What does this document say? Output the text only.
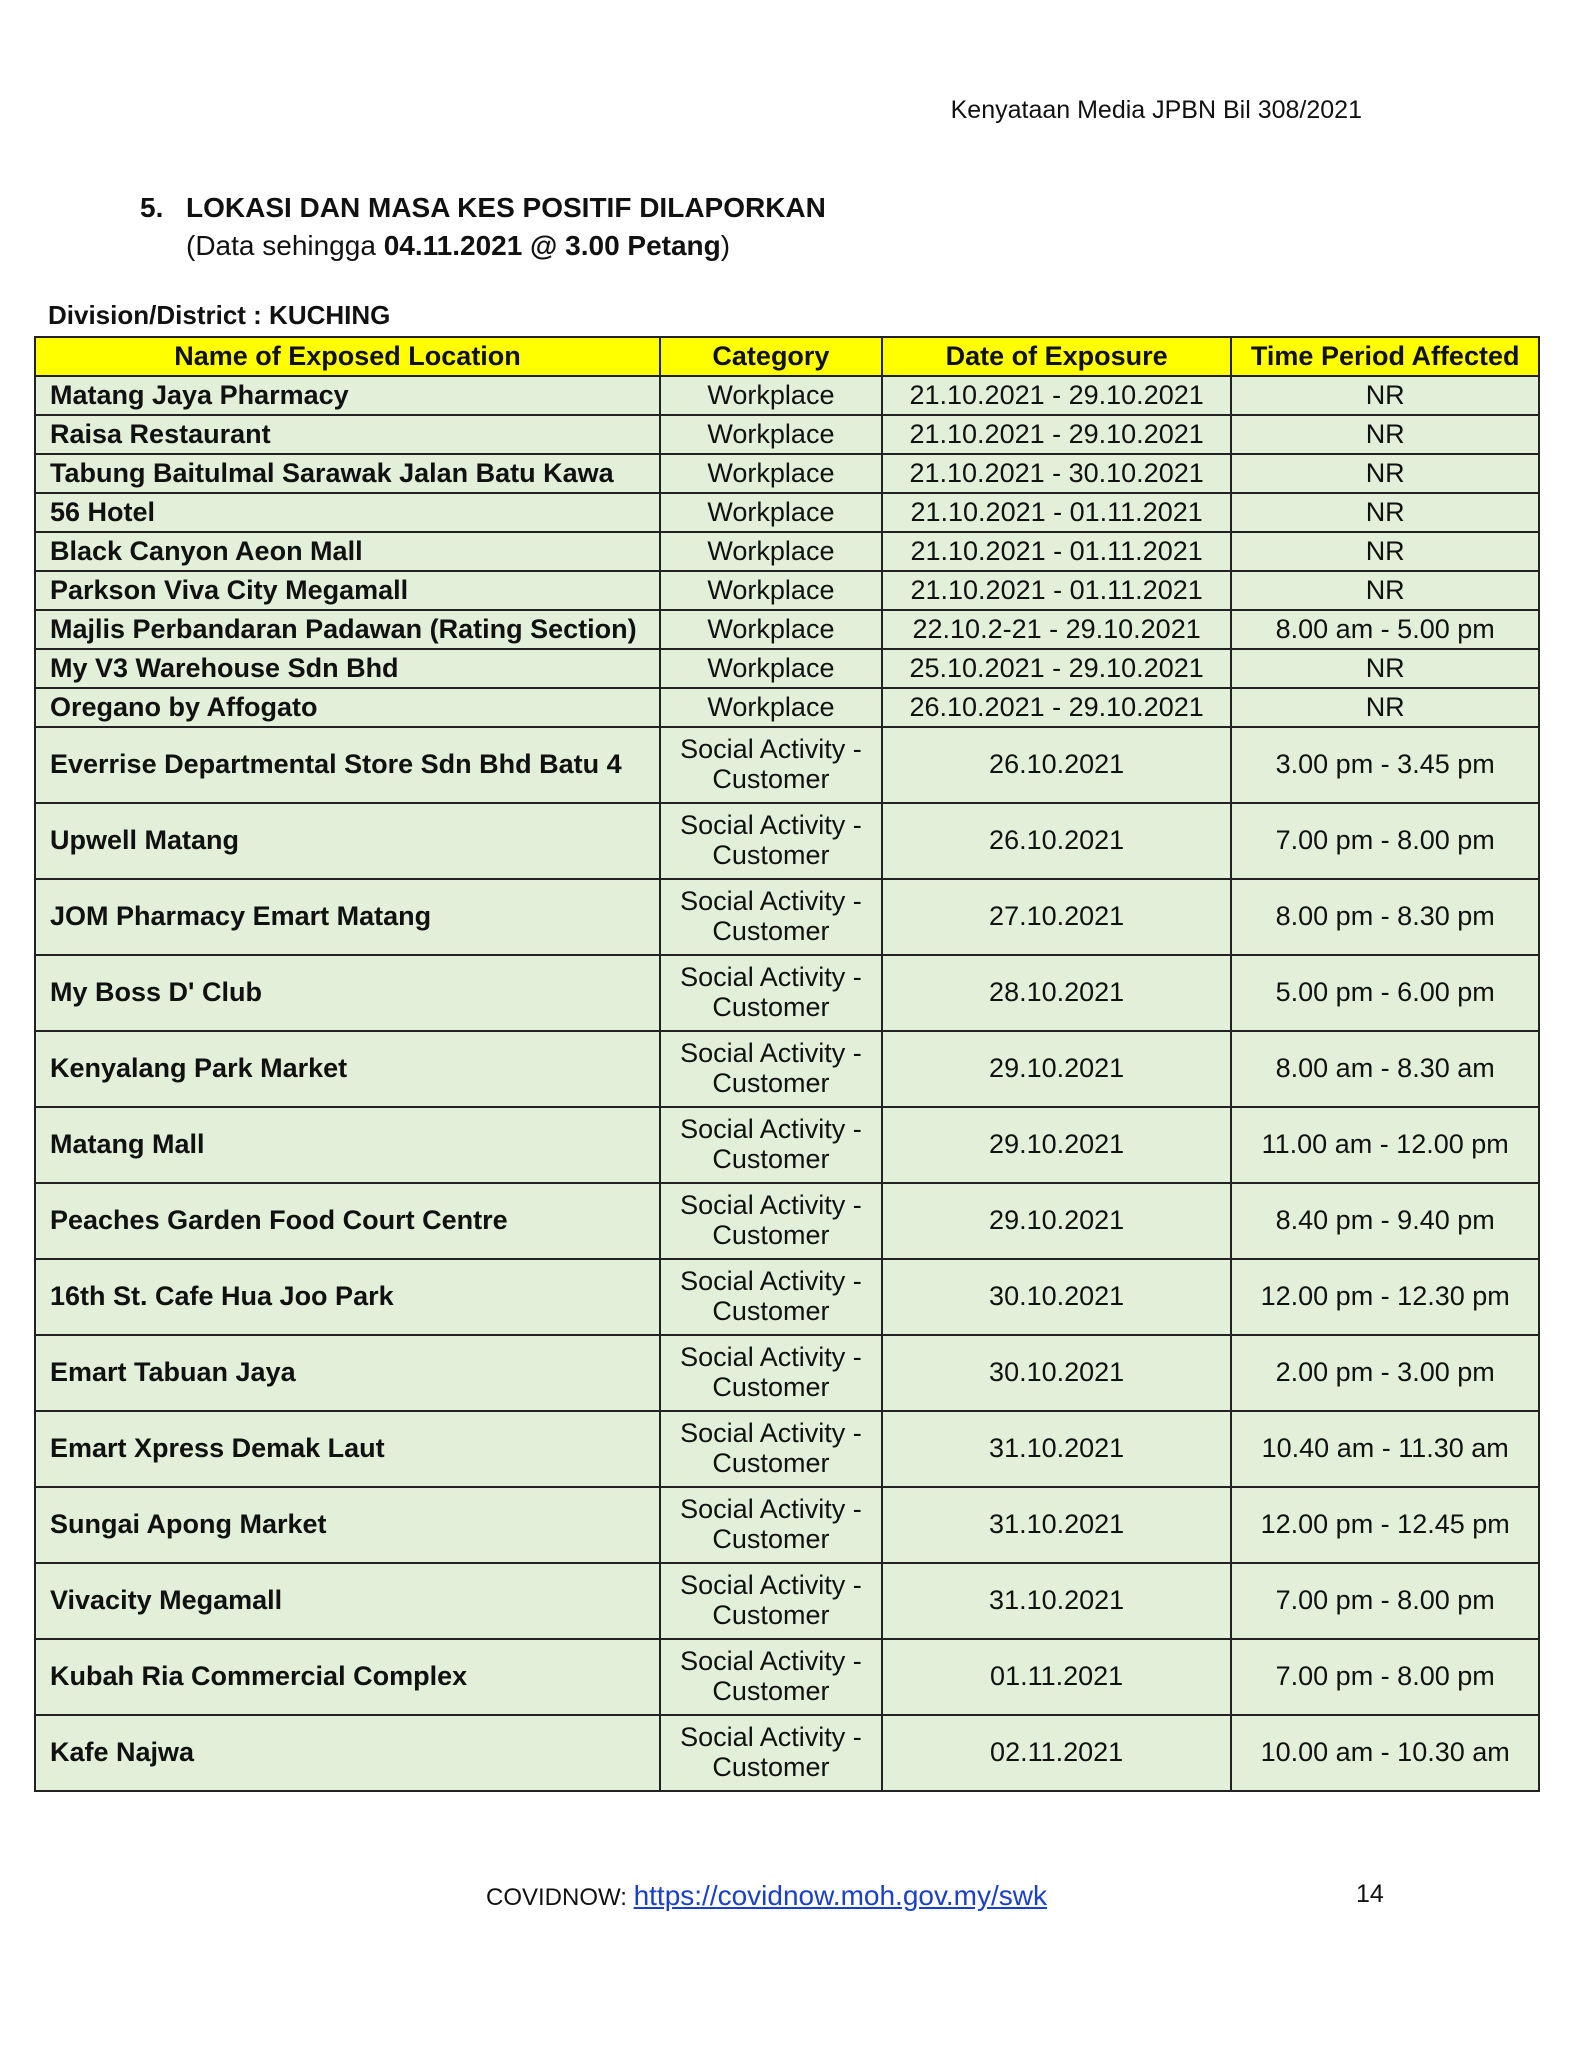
Kenyataan Media JPBN Bil 308/2021

5. LOKASI DAN MASA KES POSITIF DILAPORKAN

(Data sehingga 04.11.2021 @ 3.00 Petang)

Division/District : KUCHING
Name of Exposed Location	Category	Date of Exposure	Time Period Affected
Matang Jaya Pharmacy	Workplace	21.10.2021 - 29.10.2021	NR
Raisa Restaurant	Workplace	21.10.2021 - 29.10.2021	NR
Tabung Baitulmal Sarawak Jalan Batu Kawa	Workplace	21.10.2021 - 30.10.2021	NR
56 Hotel	Workplace	21.10.2021 - 01.11.2021	NR
Black Canyon Aeon Mall	Workplace	21.10.2021 - 01.11.2021	NR
Parkson Viva City Megamall	Workplace	21.10.2021 - 01.11.2021	NR
Majlis Perbandaran Padawan (Rating Section)	Workplace	22.10.2-21 - 29.10.2021	8.00 am - 5.00 pm
My V3 Warehouse Sdn Bhd	Workplace	25.10.2021 - 29.10.2021	NR
Oregano by Affogato	Workplace	26.10.2021 - 29.10.2021	NR
Everrise Departmental Store Sdn Bhd Batu 4	Social Activity - Customer	26.10.2021	3.00 pm - 3.45 pm
Upwell Matang	Social Activity - Customer	26.10.2021	7.00 pm - 8.00 pm
JOM Pharmacy Emart Matang	Social Activity - Customer	27.10.2021	8.00 pm - 8.30 pm
My Boss D' Club	Social Activity - Customer	28.10.2021	5.00 pm - 6.00 pm
Kenyalang Park Market	Social Activity - Customer	29.10.2021	8.00 am - 8.30 am
Matang Mall	Social Activity - Customer	29.10.2021	11.00 am - 12.00 pm
Peaches Garden Food Court Centre	Social Activity - Customer	29.10.2021	8.40 pm - 9.40 pm
16th St. Cafe Hua Joo Park	Social Activity - Customer	30.10.2021	12.00 pm - 12.30 pm
Emart Tabuan Jaya	Social Activity - Customer	30.10.2021	2.00 pm - 3.00 pm
Emart Xpress Demak Laut	Social Activity - Customer	31.10.2021	10.40 am - 11.30 am
Sungai Apong Market	Social Activity - Customer	31.10.2021	12.00 pm - 12.45 pm
Vivacity Megamall	Social Activity - Customer	31.10.2021	7.00 pm - 8.00 pm
Kubah Ria Commercial Complex	Social Activity - Customer	01.11.2021	7.00 pm - 8.00 pm
Kafe Najwa	Social Activity - Customer	02.11.2021	10.00 am - 10.30 am
COVIDNOW: https://covidnow.moh.gov.my/swk	14
